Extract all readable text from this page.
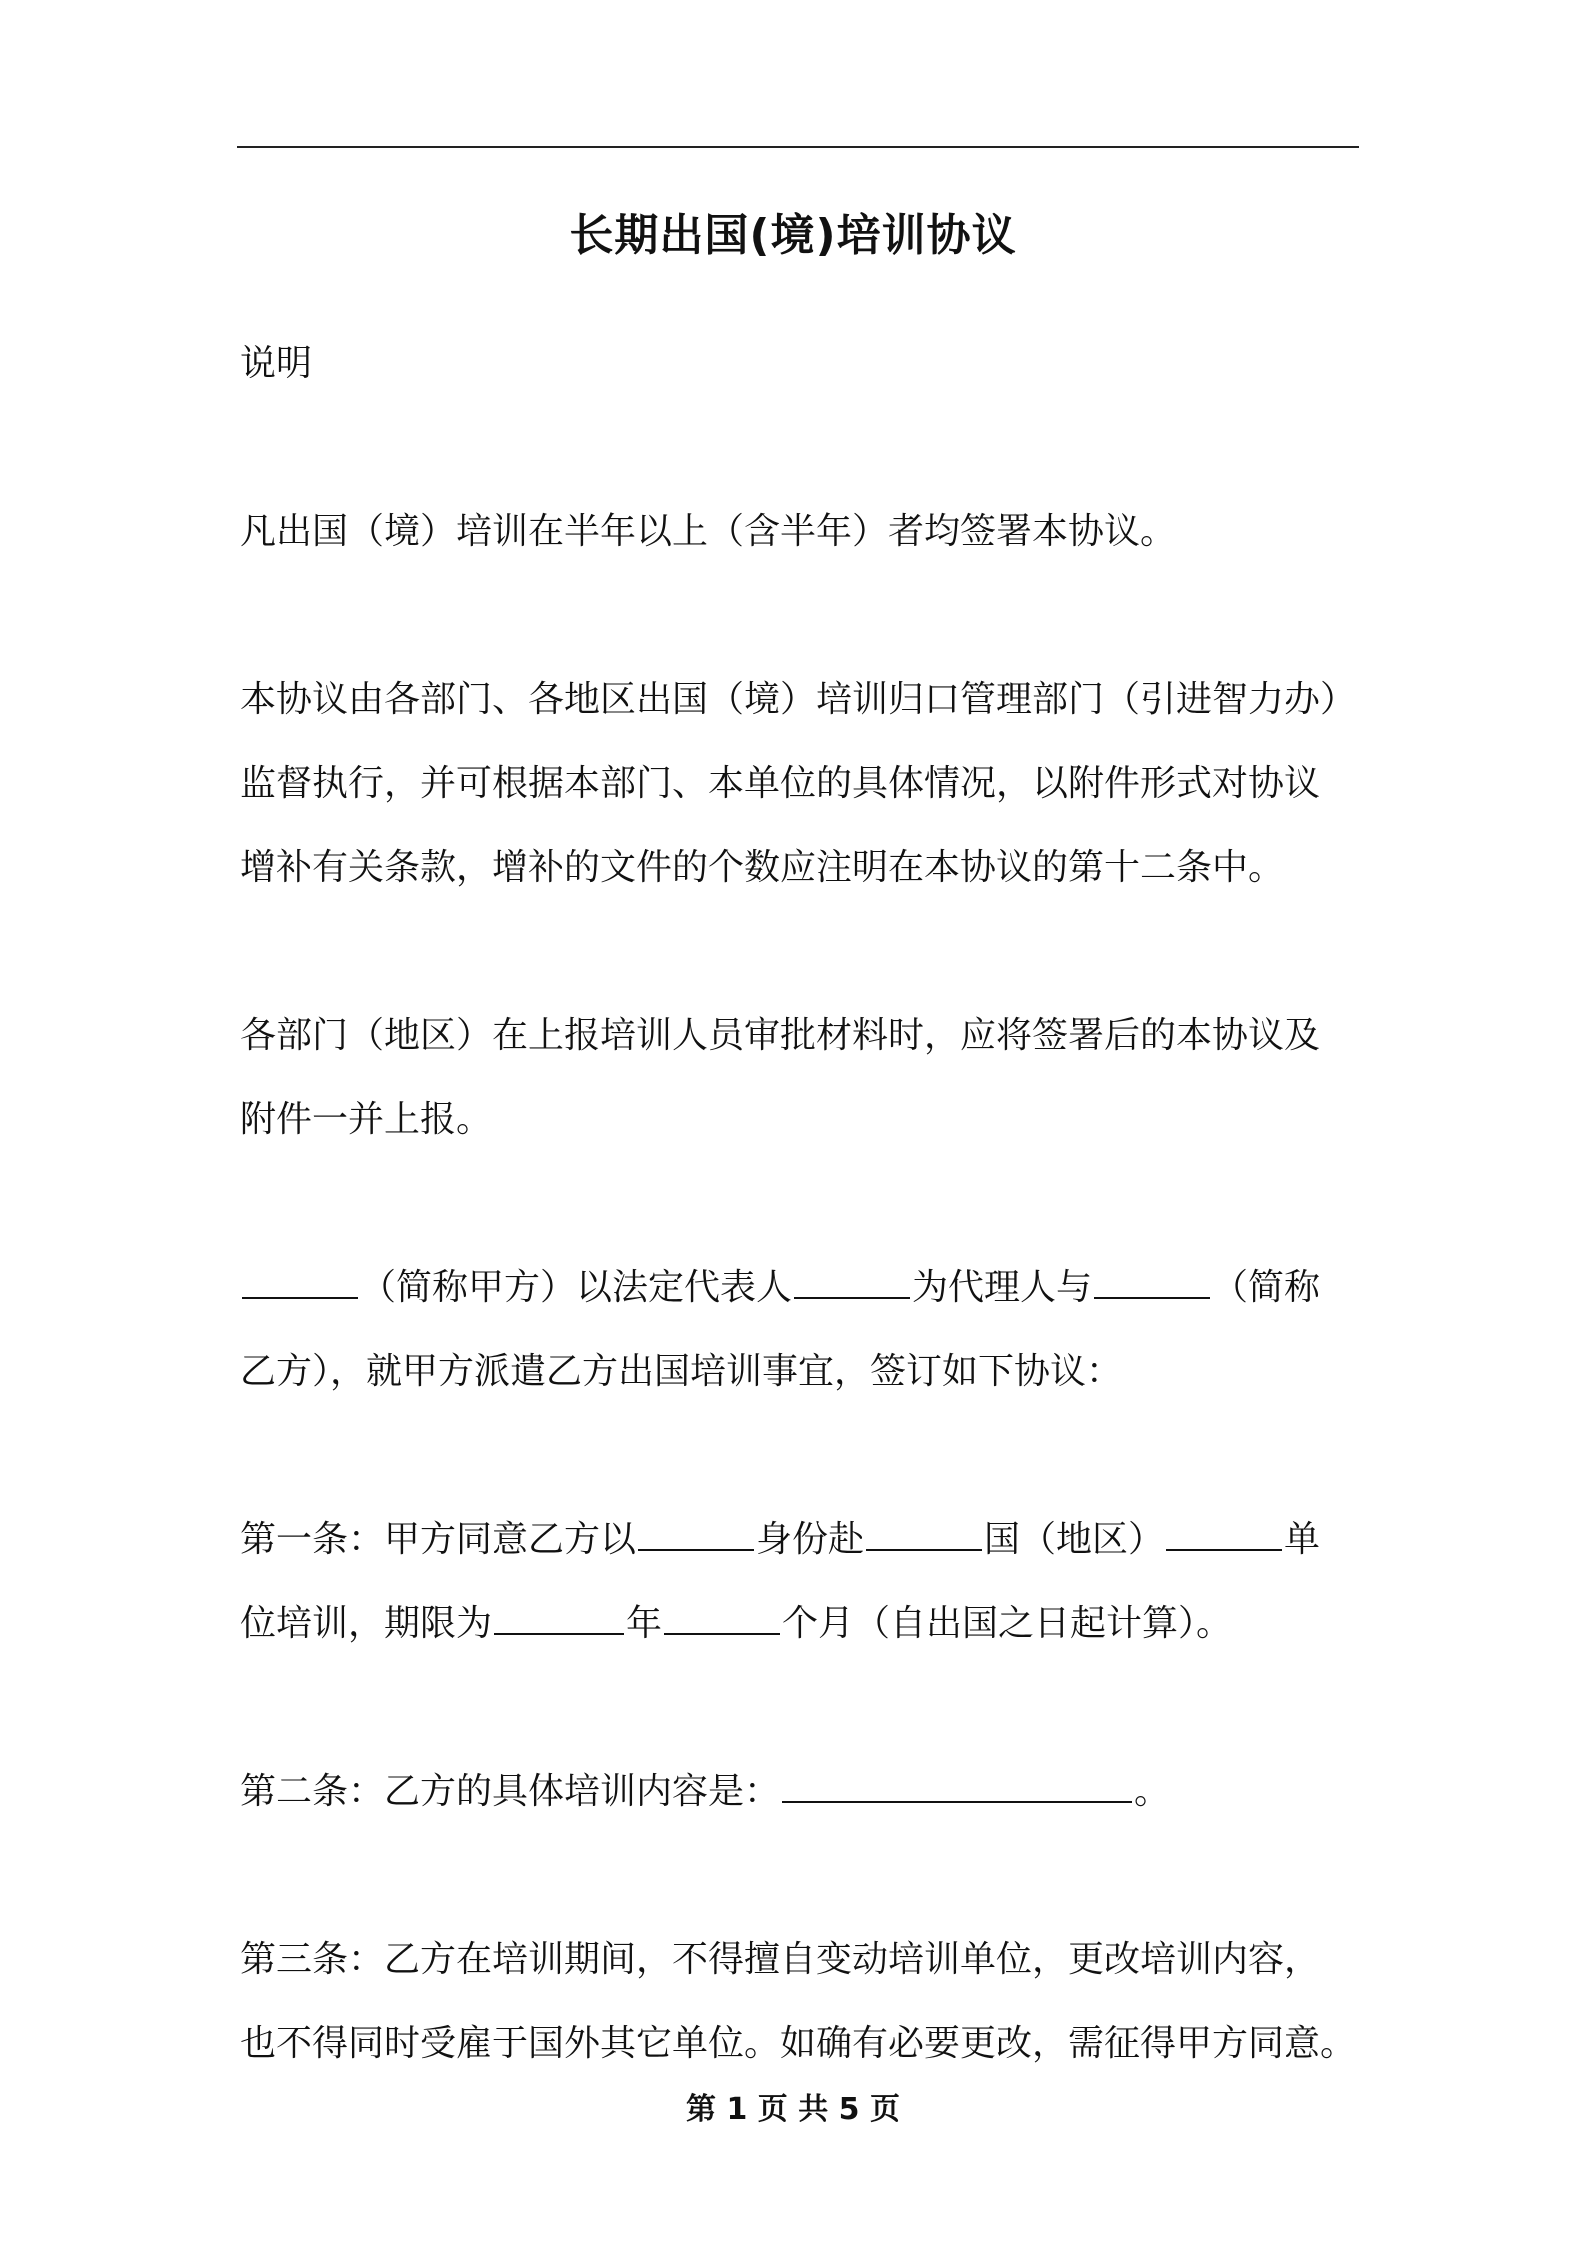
长期出国(境)培训协议

说明

凡出国（境）培训在半年以上（含半年）者均签署本协议。

本协议由各部门、各地区出国（境）培训归口管理部门（引进智力办）
监督执行，并可根据本部门、本单位的具体情况，以附件形式对协议
增补有关条款，增补的文件的个数应注明在本协议的第十二条中。

各部门（地区）在上报培训人员审批材料时，应将签署后的本协议及
附件一并上报。

（简称甲方）以法定代表人	为代理人与	（简称
乙方），就甲方派遣乙方出国培训事宜，签订如下协议：

第一条：甲方同意乙方以	身份赴	国（地区）	单
位培训，期限为	年	个月（自出国之日起计算）。

第二条：乙方的具体培训内容是：	。

第三条：乙方在培训期间，不得擅自变动培训单位，更改培训内容，
也不得同时受雇于国外其它单位。如确有必要更改，需征得甲方同意。

第 1 页 共 5 页
